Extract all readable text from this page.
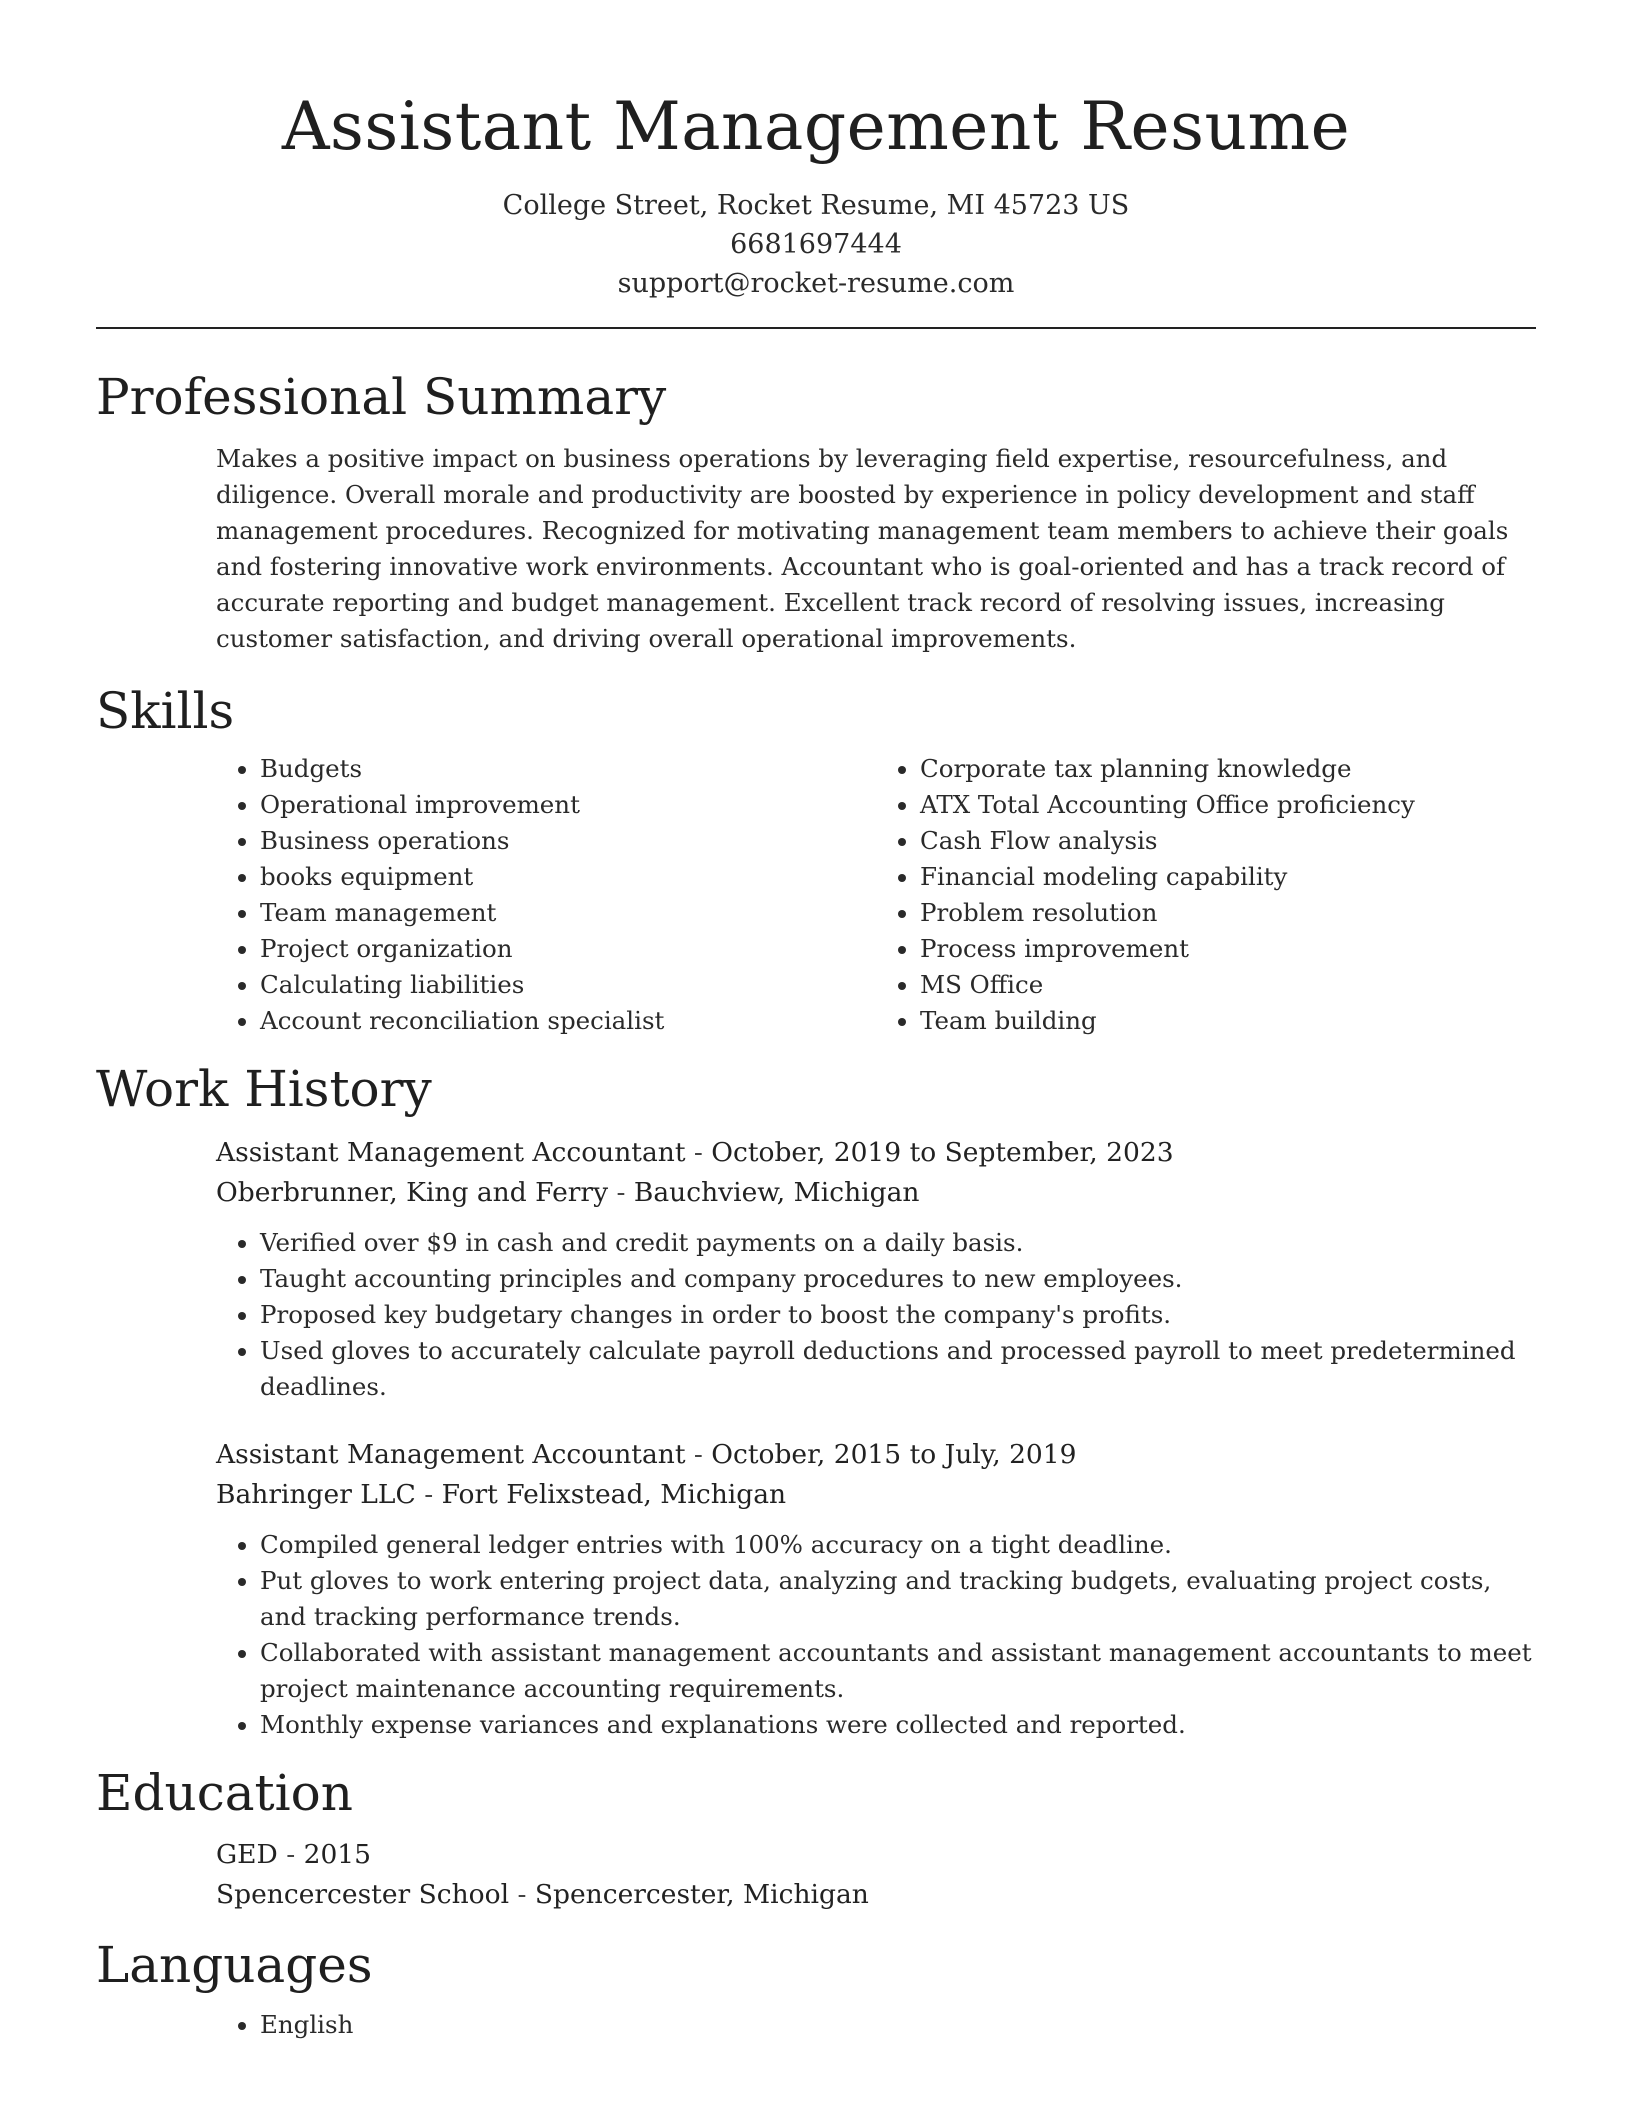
Assistant Management Resume
College Street, Rocket Resume, MI 45723 US
6681697444
support@rocket-resume.com
Professional Summary
Makes a positive impact on business operations by leveraging field expertise, resourcefulness, and diligence. Overall morale and productivity are boosted by experience in policy development and staff management procedures. Recognized for motivating management team members to achieve their goals and fostering innovative work environments. Accountant who is goal-oriented and has a track record of accurate reporting and budget management. Excellent track record of resolving issues, increasing customer satisfaction, and driving overall operational improvements.
Skills
• Budgets
• Operational improvement
• Business operations
• books equipment
• Team management
• Project organization
• Calculating liabilities
• Account reconciliation specialist
• Corporate tax planning knowledge
• ATX Total Accounting Office proficiency
• Cash Flow analysis
• Financial modeling capability
• Problem resolution
• Process improvement
• MS Office
• Team building
Work History
Assistant Management Accountant - October, 2019 to September, 2023
Oberbrunner, King and Ferry - Bauchview, Michigan
• Verified over $9 in cash and credit payments on a daily basis.
• Taught accounting principles and company procedures to new employees.
• Proposed key budgetary changes in order to boost the company's profits.
• Used gloves to accurately calculate payroll deductions and processed payroll to meet predetermined deadlines.
Assistant Management Accountant - October, 2015 to July, 2019
Bahringer LLC - Fort Felixstead, Michigan
• Compiled general ledger entries with 100% accuracy on a tight deadline.
• Put gloves to work entering project data, analyzing and tracking budgets, evaluating project costs, and tracking performance trends.
• Collaborated with assistant management accountants and assistant management accountants to meet project maintenance accounting requirements.
• Monthly expense variances and explanations were collected and reported.
Education
GED - 2015
Spencercester School - Spencercester, Michigan
Languages
• English
